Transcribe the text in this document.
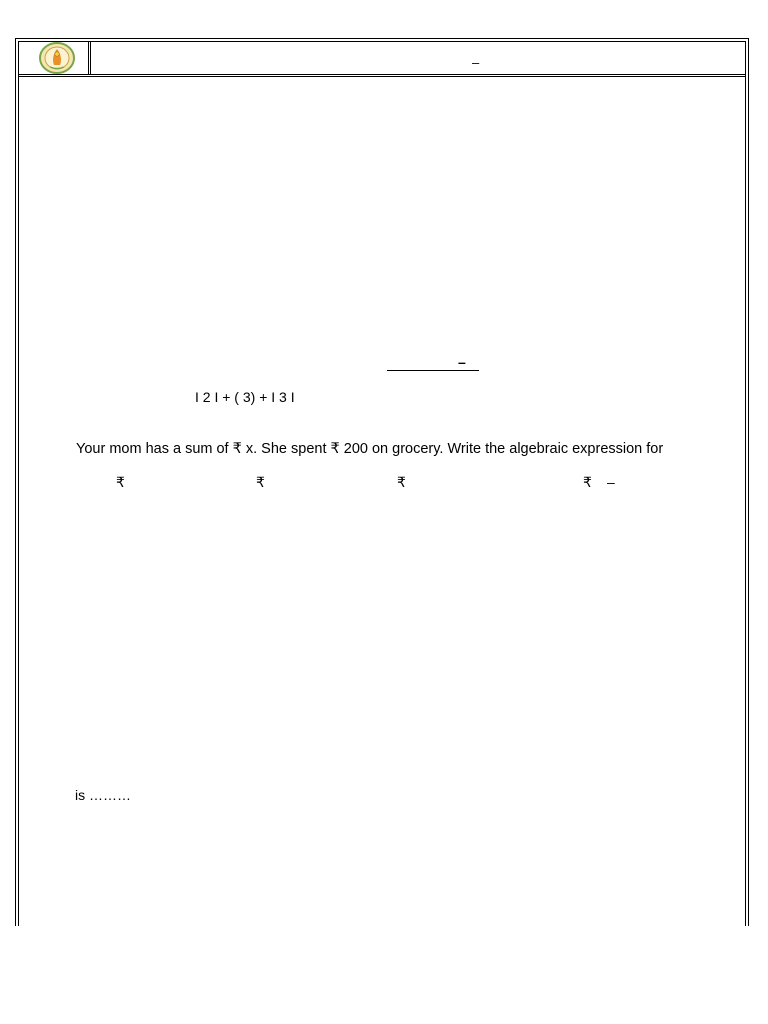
–
–
I 2 I + ( 3) + I 3 I
Your mom has a sum of ₹ x. She spent ₹ 200 on grocery. Write the algebraic expression for
₹	₹	₹	₹ –
is ………
